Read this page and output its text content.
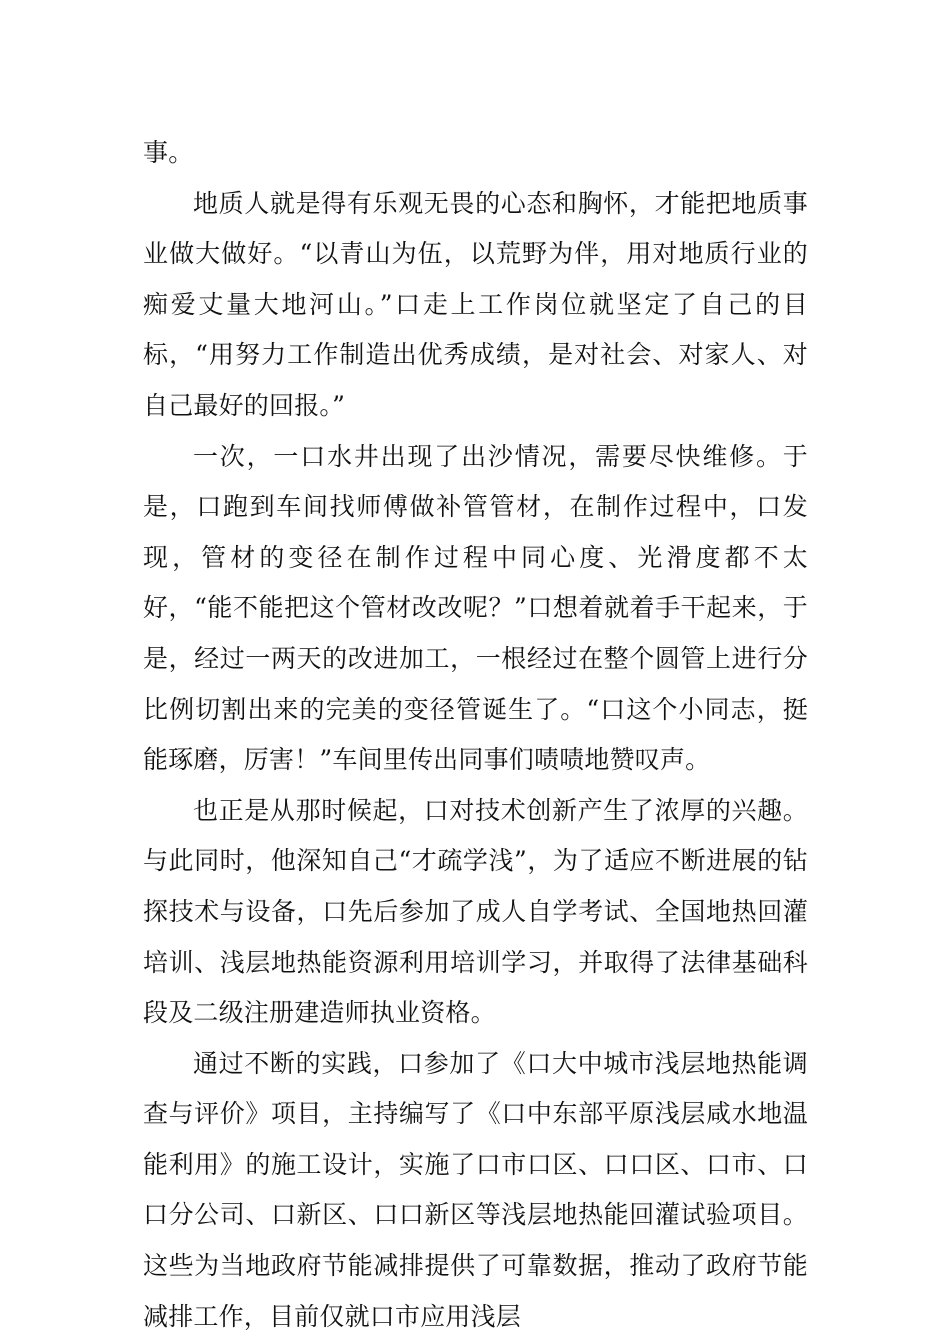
事。

地质人就是得有乐观无畏的心态和胸怀，才能把地质事业做大做好。“以青山为伍，以荒野为伴，用对地质行业的痴爱丈量大地河山。”口走上工作岗位就坚定了自己的目标，“用努力工作制造出优秀成绩，是对社会、对家人、对自己最好的回报。”

一次，一口水井出现了出沙情况，需要尽快维修。于是，口跑到车间找师傅做补管管材，在制作过程中，口发现，管材的变径在制作过程中同心度、光滑度都不太好，“能不能把这个管材改改呢？”口想着就着手干起来，于是，经过一两天的改进加工，一根经过在整个圆管上进行分比例切割出来的完美的变径管诞生了。“口这个小同志，挺能琢磨，厉害！”车间里传出同事们啧啧地赞叹声。

也正是从那时候起，口对技术创新产生了浓厚的兴趣。与此同时，他深知自己“才疏学浅”，为了适应不断进展的钻探技术与设备，口先后参加了成人自学考试、全国地热回灌培训、浅层地热能资源利用培训学习，并取得了法律基础科段及二级注册建造师执业资格。

通过不断的实践，口参加了《口大中城市浅层地热能调查与评价》项目，主持编写了《口中东部平原浅层咸水地温能利用》的施工设计，实施了口市口区、口口区、口市、口口分公司、口新区、口口新区等浅层地热能回灌试验项目。这些为当地政府节能减排提供了可靠数据，推动了政府节能减排工作，目前仅就口市应用浅层
